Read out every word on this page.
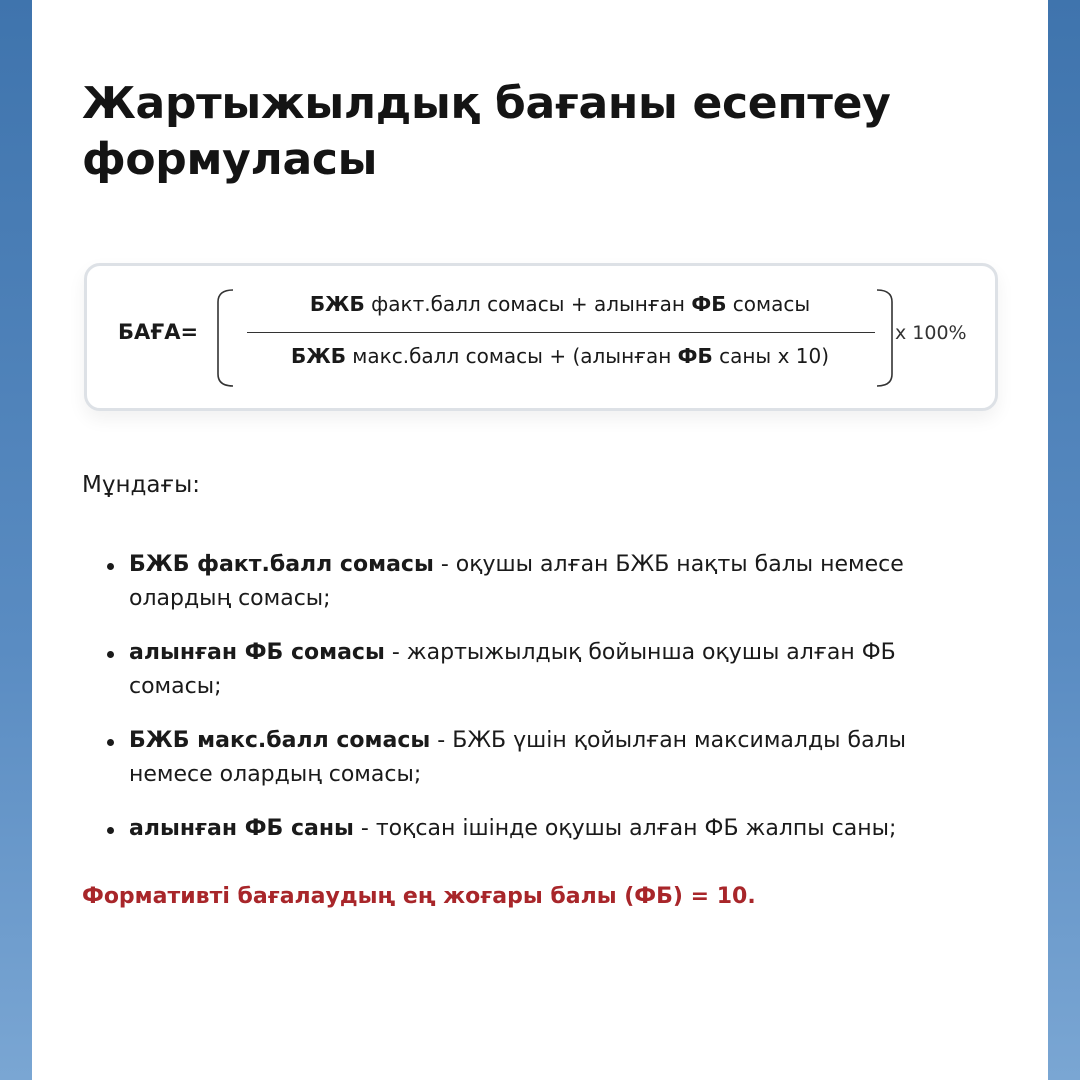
Жартыжылдық бағаны есептеу формуласы
БАҒА=
БЖБ факт.балл сомасы + алынған ФБ сомасы
БЖБ макс.балл сомасы + (алынған ФБ саны x 10)
x 100%
Мұндағы:
БЖБ факт.балл сомасы - оқушы алған БЖБ нақты балы немесе олардың сомасы;
алынған ФБ сомасы - жартыжылдық бойынша оқушы алған ФБ сомасы;
БЖБ макс.балл сомасы - БЖБ үшін қойылған максималды балы немесе олардың сомасы;
алынған ФБ саны - тоқсан ішінде оқушы алған ФБ жалпы саны;
Формативті бағалаудың ең жоғары балы (ФБ) = 10.
